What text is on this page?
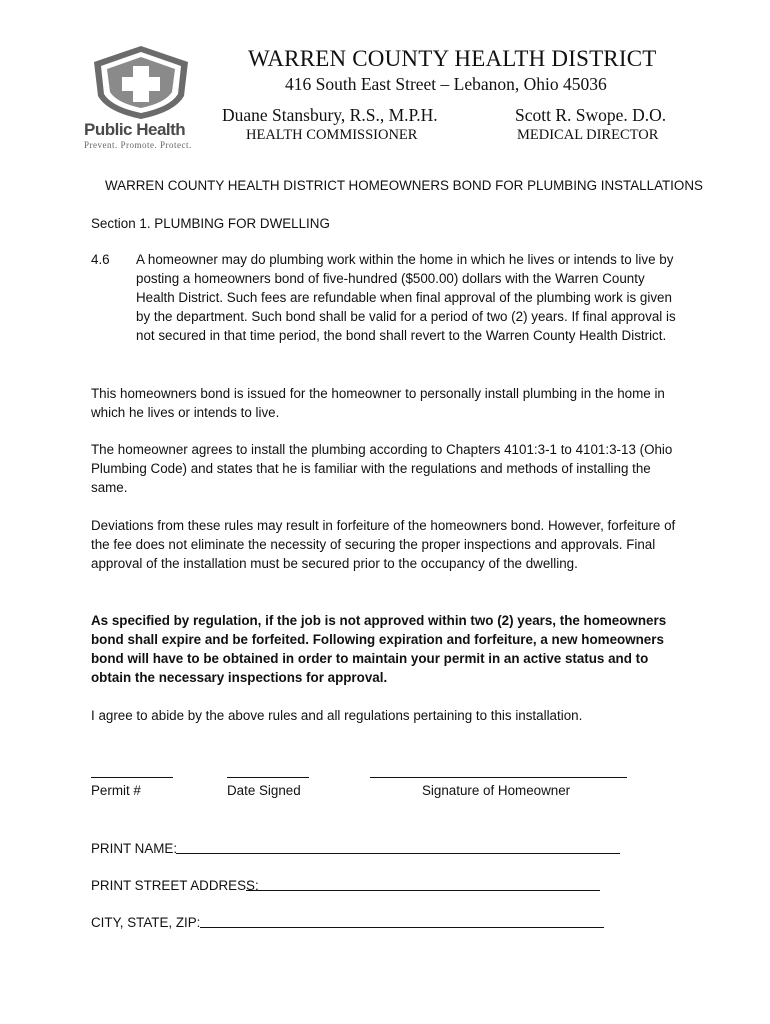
Public Health
Prevent. Promote. Protect.
WARREN COUNTY HEALTH DISTRICT
416 South East Street – Lebanon, Ohio 45036
Duane Stansbury, R.S., M.P.H.
HEALTH COMMISSIONER
Scott R. Swope. D.O.
MEDICAL DIRECTOR
WARREN COUNTY HEALTH DISTRICT HOMEOWNERS BOND FOR PLUMBING INSTALLATIONS
Section 1. PLUMBING FOR DWELLING
4.6 A homeowner may do plumbing work within the home in which he lives or intends to live by posting a homeowners bond of five-hundred ($500.00) dollars with the Warren County Health District. Such fees are refundable when final approval of the plumbing work is given by the department. Such bond shall be valid for a period of two (2) years. If final approval is not secured in that time period, the bond shall revert to the Warren County Health District.
This homeowners bond is issued for the homeowner to personally install plumbing in the home in which he lives or intends to live.
The homeowner agrees to install the plumbing according to Chapters 4101:3-1 to 4101:3-13 (Ohio Plumbing Code) and states that he is familiar with the regulations and methods of installing the same.
Deviations from these rules may result in forfeiture of the homeowners bond. However, forfeiture of the fee does not eliminate the necessity of securing the proper inspections and approvals. Final approval of the installation must be secured prior to the occupancy of the dwelling.
As specified by regulation, if the job is not approved within two (2) years, the homeowners bond shall expire and be forfeited. Following expiration and forfeiture, a new homeowners bond will have to be obtained in order to maintain your permit in an active status and to obtain the necessary inspections for approval.
I agree to abide by the above rules and all regulations pertaining to this installation.
Permit #	Date Signed	Signature of Homeowner
PRINT NAME:
PRINT STREET ADDRESS:
CITY, STATE, ZIP:
